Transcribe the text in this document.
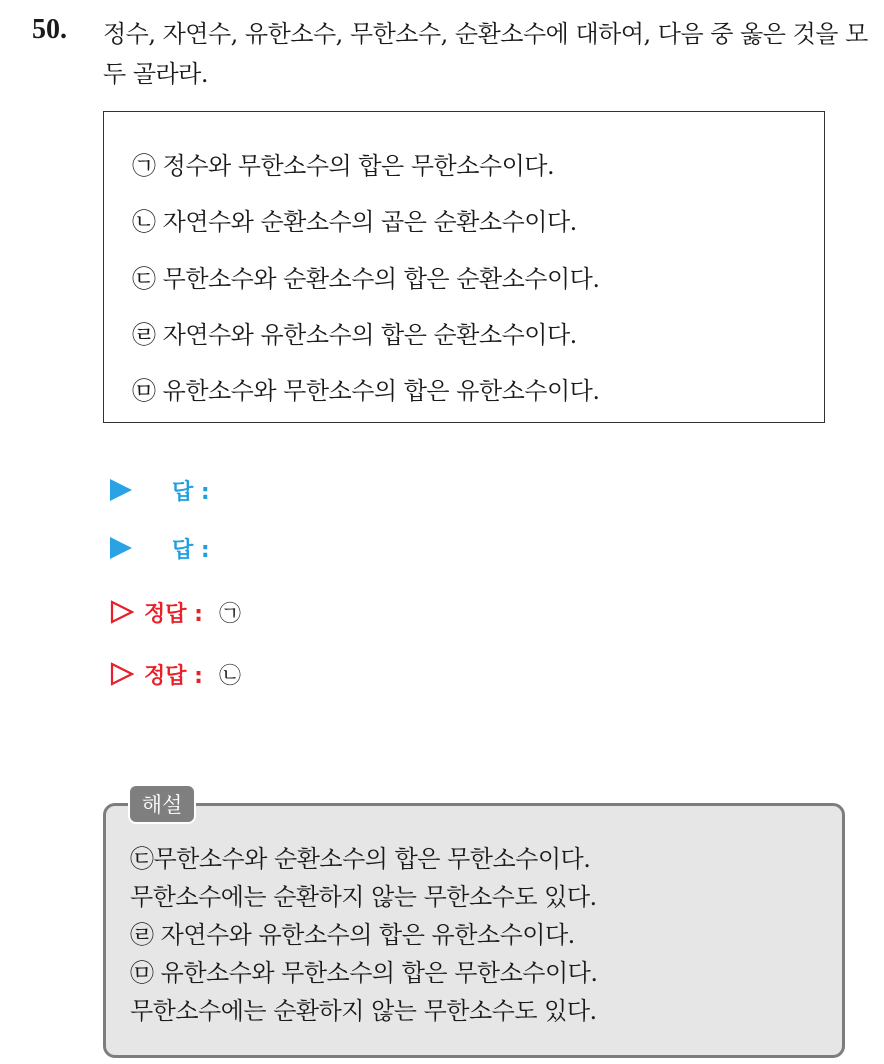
50. 정수, 자연수, 유한소수, 무한소수, 순환소수에 대하여, 다음 중 옳은 것을 모두 골라라.
㉠ 정수와 무한소수의 합은 무한소수이다.
㉡ 자연수와 순환소수의 곱은 순환소수이다.
㉢ 무한소수와 순환소수의 합은 순환소수이다.
㉣ 자연수와 유한소수의 합은 순환소수이다.
㉤ 유한소수와 무한소수의 합은 유한소수이다.
답 :
답 :
정답 : ㉠
정답 : ㉡
해설
㉢무한소수와 순환소수의 합은 무한소수이다.
무한소수에는 순환하지 않는 무한소수도 있다.
㉣ 자연수와 유한소수의 합은 유한소수이다.
㉤ 유한소수와 무한소수의 합은 무한소수이다.
무한소수에는 순환하지 않는 무한소수도 있다.
